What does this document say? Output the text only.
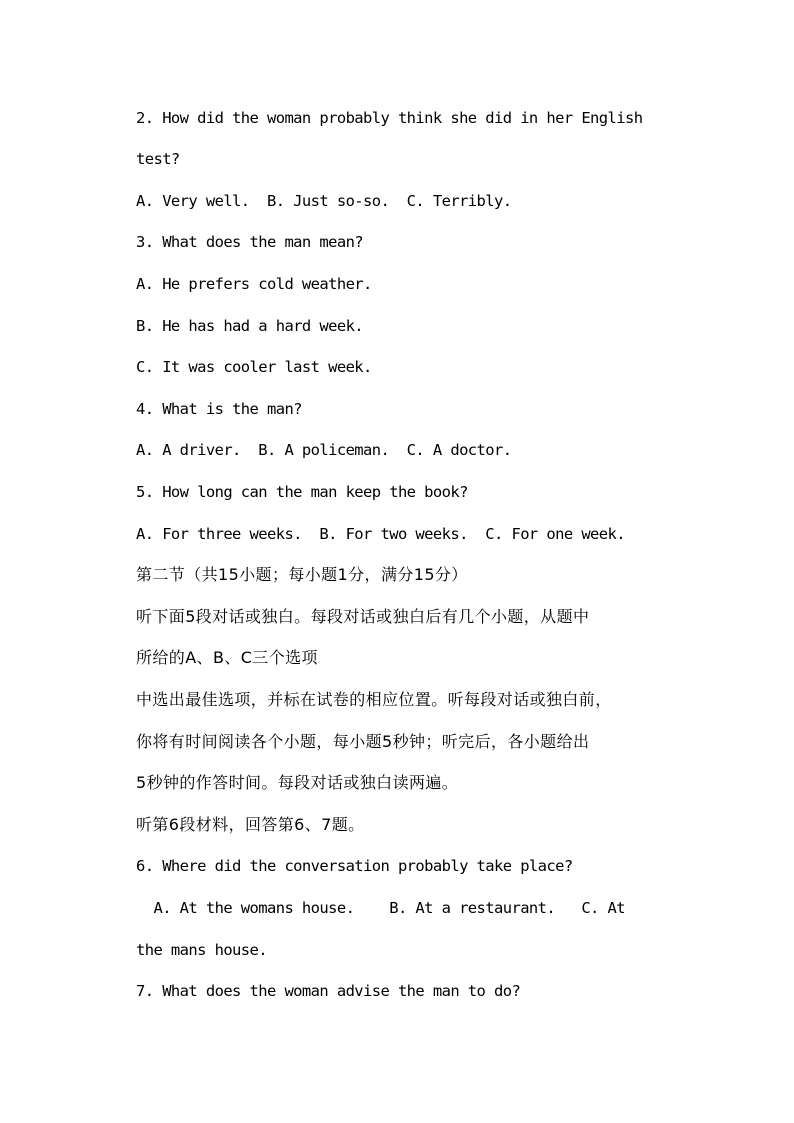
2. How did the woman probably think she did in her English
test?
A. Very well.  B. Just so-so.  C. Terribly.
3. What does the man mean?
A. He prefers cold weather.
B. He has had a hard week.
C. It was cooler last week.
4. What is the man?
A. A driver.  B. A policeman.  C. A doctor.
5. How long can the man keep the book?
A. For three weeks.  B. For two weeks.  C. For one week.
第二节（共15小题；每小题1分，满分15分）
听下面5段对话或独白。每段对话或独白后有几个小题，从题中
所给的A、B、C三个选项
中选出最佳选项，并标在试卷的相应位置。听每段对话或独白前，
你将有时间阅读各个小题，每小题5秒钟；听完后，各小题给出
5秒钟的作答时间。每段对话或独白读两遍。
听第6段材料，回答第6、7题。
6. Where did the conversation probably take place?
A. At the womans house.    B. At a restaurant.   C. At
the mans house.
7. What does the woman advise the man to do?
